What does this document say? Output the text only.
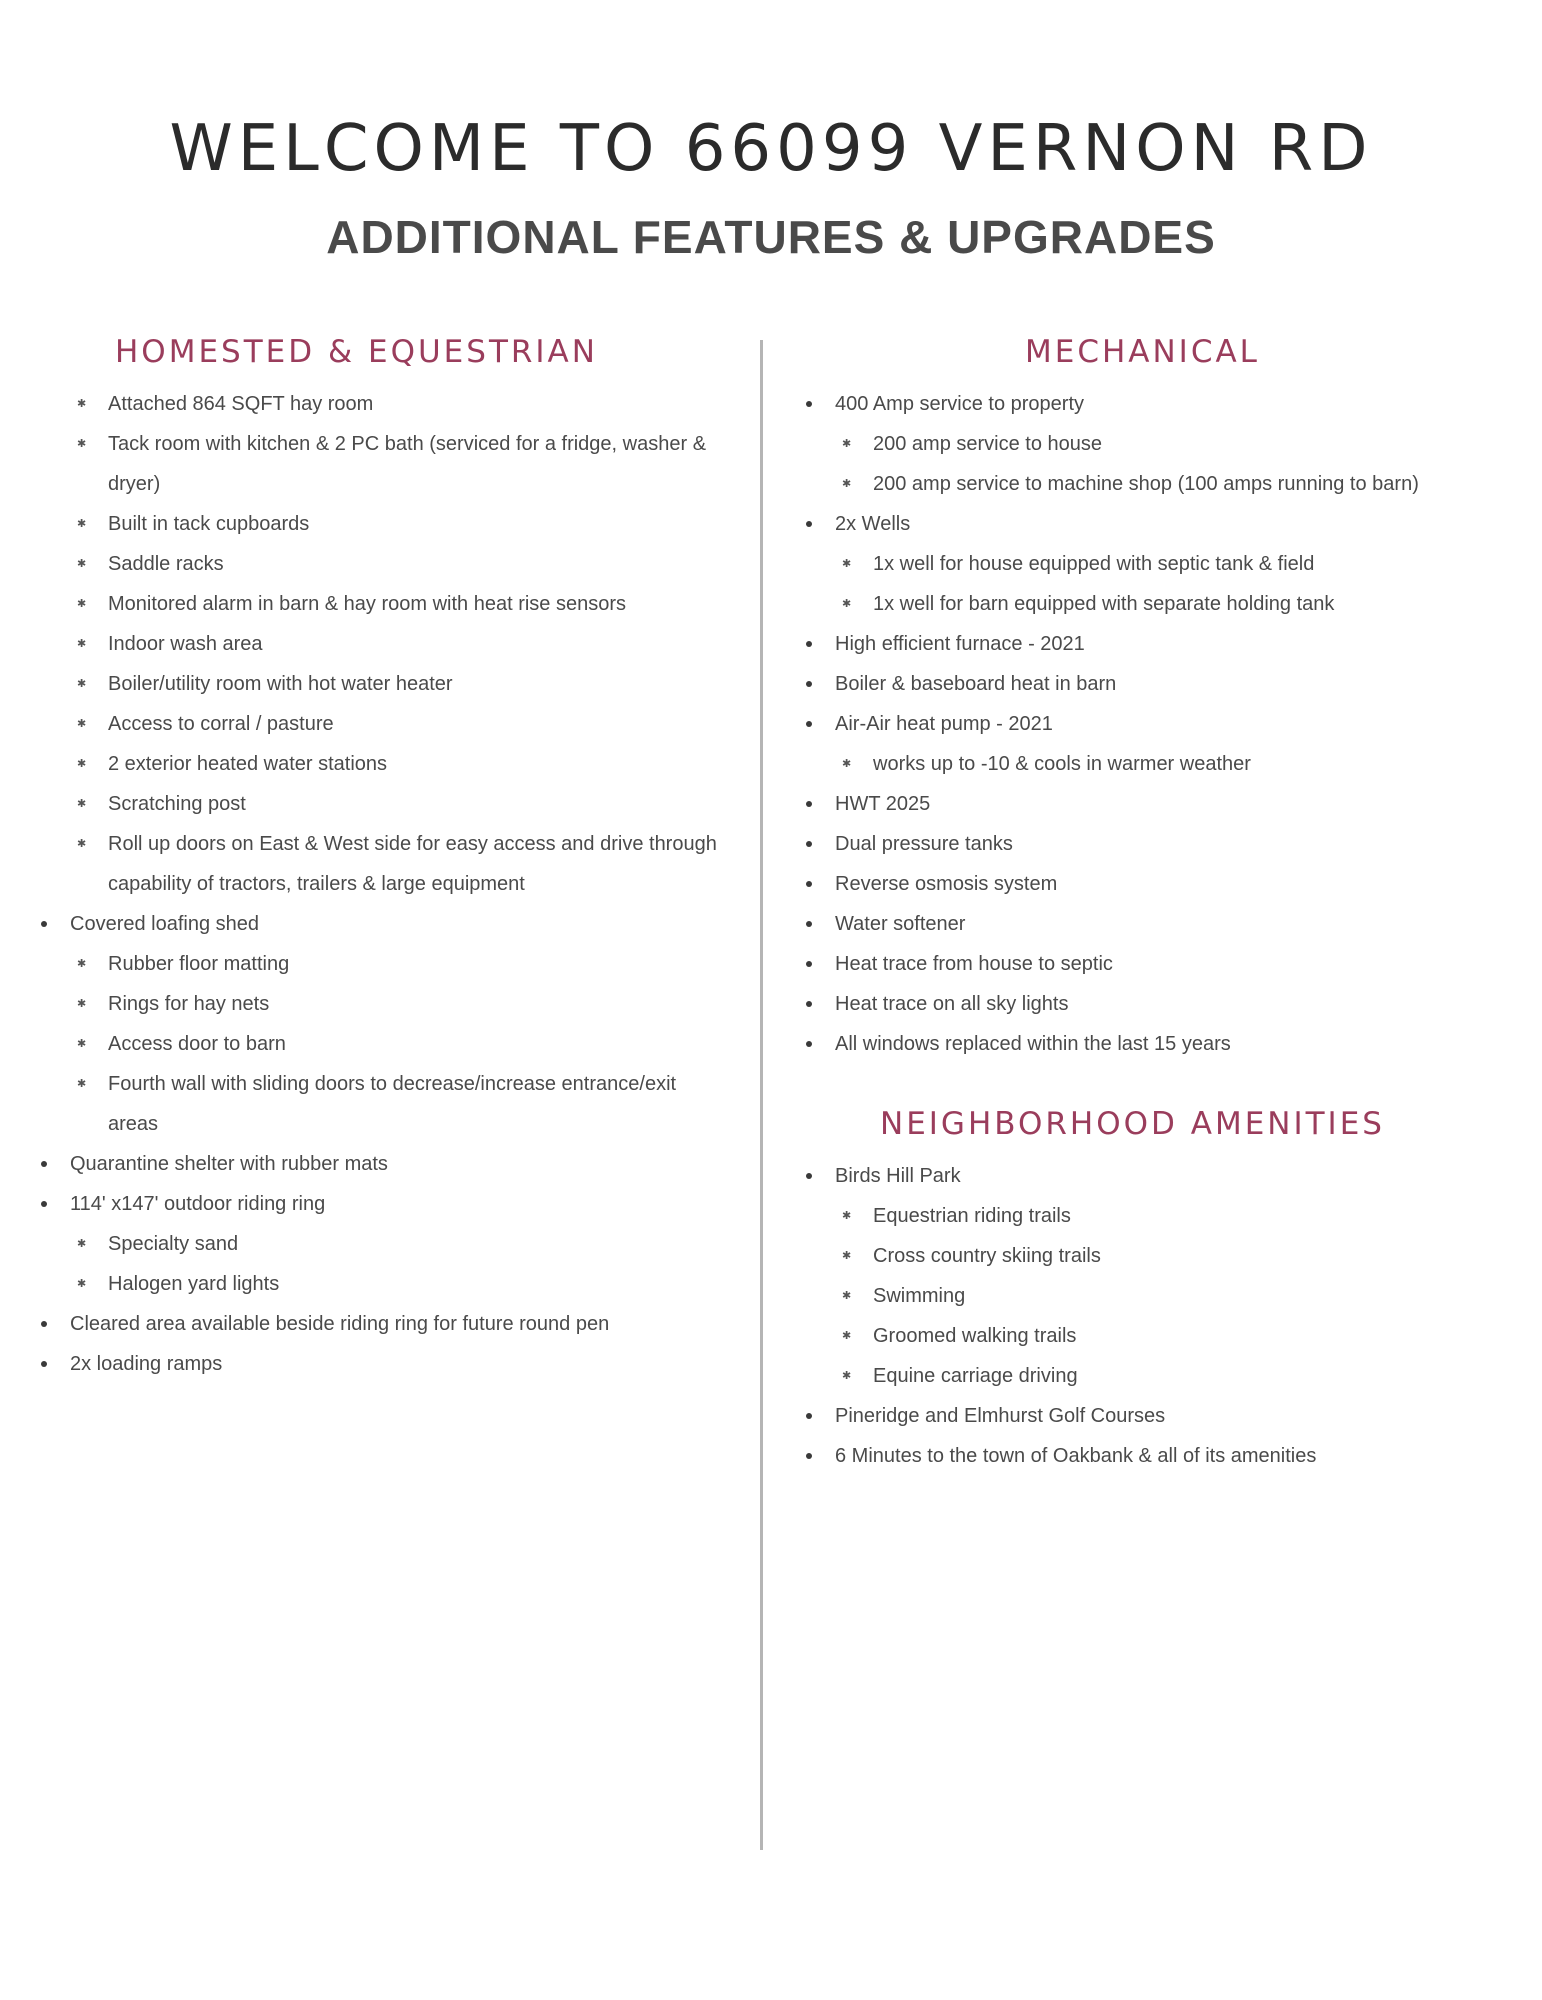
WELCOME TO 66099 VERNON RD
ADDITIONAL FEATURES & UPGRADES
HOMESTED & EQUESTRIAN
✱ Attached 864 SQFT hay room
✱ Tack room with kitchen & 2 PC bath (serviced for a fridge, washer & dryer)
✱ Built in tack cupboards
✱ Saddle racks
✱ Monitored alarm in barn & hay room with heat rise sensors
✱ Indoor wash area
✱ Boiler/utility room with hot water heater
✱ Access to corral / pasture
✱ 2 exterior heated water stations
✱ Scratching post
✱ Roll up doors on East & West side for easy access and drive through capability of tractors, trailers & large equipment
Covered loafing shed
✱ Rubber floor matting
✱ Rings for hay nets
✱ Access door to barn
✱ Fourth wall with sliding doors to decrease/increase entrance/exit areas
Quarantine shelter with rubber mats
114' x147' outdoor riding ring
✱ Specialty sand
✱ Halogen yard lights
Cleared area available beside riding ring for future round pen
2x loading ramps
MECHANICAL
400 Amp service to property
✱ 200 amp service to house
✱ 200 amp service to machine shop (100 amps running to barn)
2x Wells
✱ 1x well for house equipped with septic tank & field
✱ 1x well for barn equipped with separate holding tank
High efficient furnace - 2021
Boiler & baseboard heat in barn
Air-Air heat pump - 2021
✱ works up to -10 & cools in warmer weather
HWT 2025
Dual pressure tanks
Reverse osmosis system
Water softener
Heat trace from house to septic
Heat trace on all sky lights
All windows replaced within the last 15 years
NEIGHBORHOOD AMENITIES
Birds Hill Park
✱ Equestrian riding trails
✱ Cross country skiing trails
✱ Swimming
✱ Groomed walking trails
✱ Equine carriage driving
Pineridge and Elmhurst Golf Courses
6 Minutes to the town of Oakbank & all of its amenities
